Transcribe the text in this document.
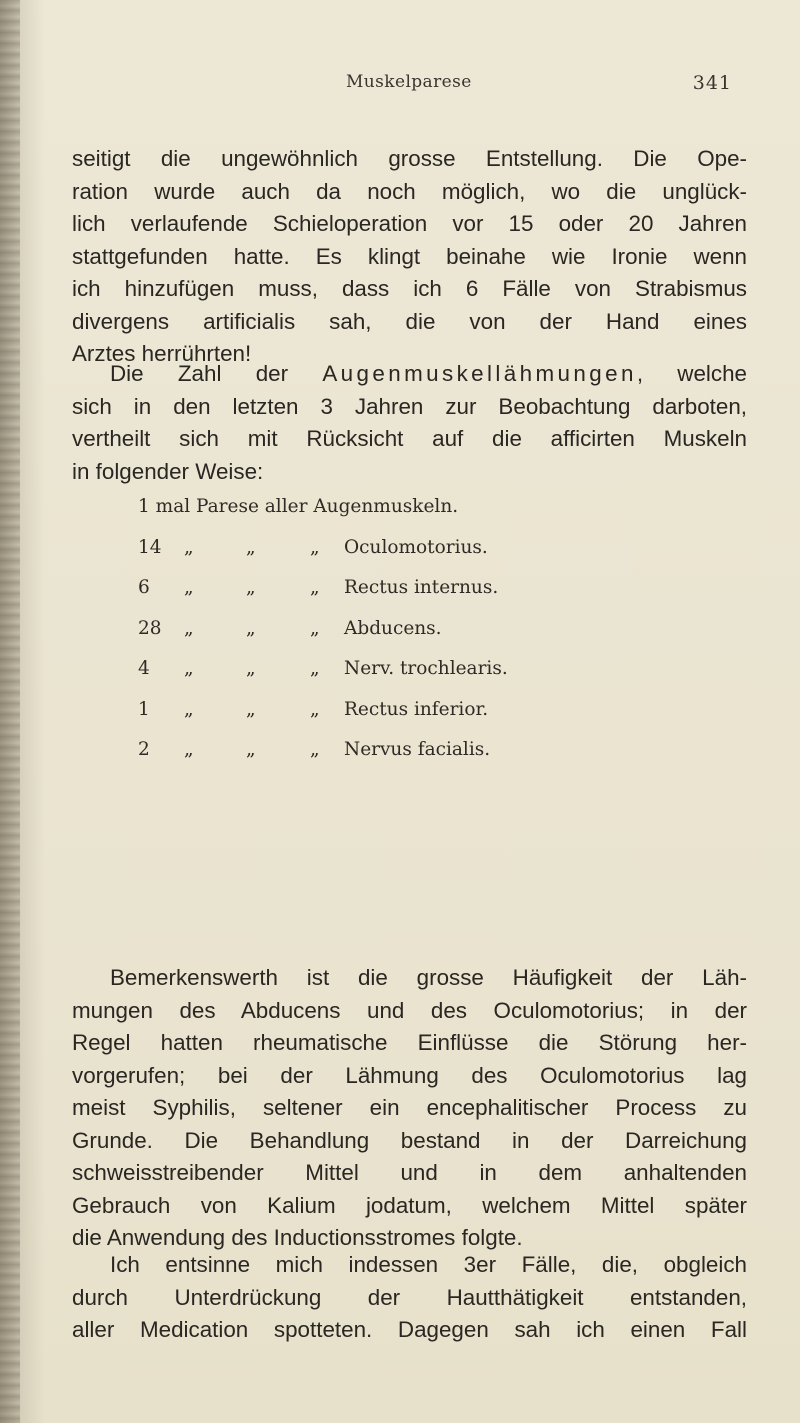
Muskelparese	341
seitigt die ungewöhnlich grosse Entstellung. Die Ope-
ration wurde auch da noch möglich, wo die unglück-
lich verlaufende Schieloperation vor 15 oder 20 Jahren
stattgefunden hatte. Es klingt beinahe wie Ironie wenn
ich hinzufügen muss, dass ich 6 Fälle von Strabismus
divergens artificialis sah, die von der Hand eines
Arztes herrührten!
Die Zahl der Augenmuskellähmungen, welche
sich in den letzten 3 Jahren zur Beobachtung darboten,
vertheilt sich mit Rücksicht auf die afficirten Muskeln
in folgender Weise:
1 mal Parese aller Augenmuskeln.
14 „	„	„ Oculomotorius.
6	„	„	„ Rectus internus.
28 „	„	„ Abducens.
4	„	„	„ Nerv. trochlearis.
1	„	„	„ Rectus inferior.
2	„	„	„ Nervus facialis.
Bemerkenswerth ist die grosse Häufigkeit der Läh-
mungen des Abducens und des Oculomotorius; in der
Regel hatten rheumatische Einflüsse die Störung her-
vorgerufen; bei der Lähmung des Oculomotorius lag
meist Syphilis, seltener ein encephalitischer Process zu
Grunde. Die Behandlung bestand in der Darreichung
schweisstreibender Mittel und in dem anhaltenden
Gebrauch von Kalium jodatum, welchem Mittel später
die Anwendung des Inductionsstromes folgte.
Ich entsinne mich indessen 3er Fälle, die, obgleich
durch Unterdrückung der Hautthätigkeit entstanden,
aller Medication spotteten. Dagegen sah ich einen Fall
